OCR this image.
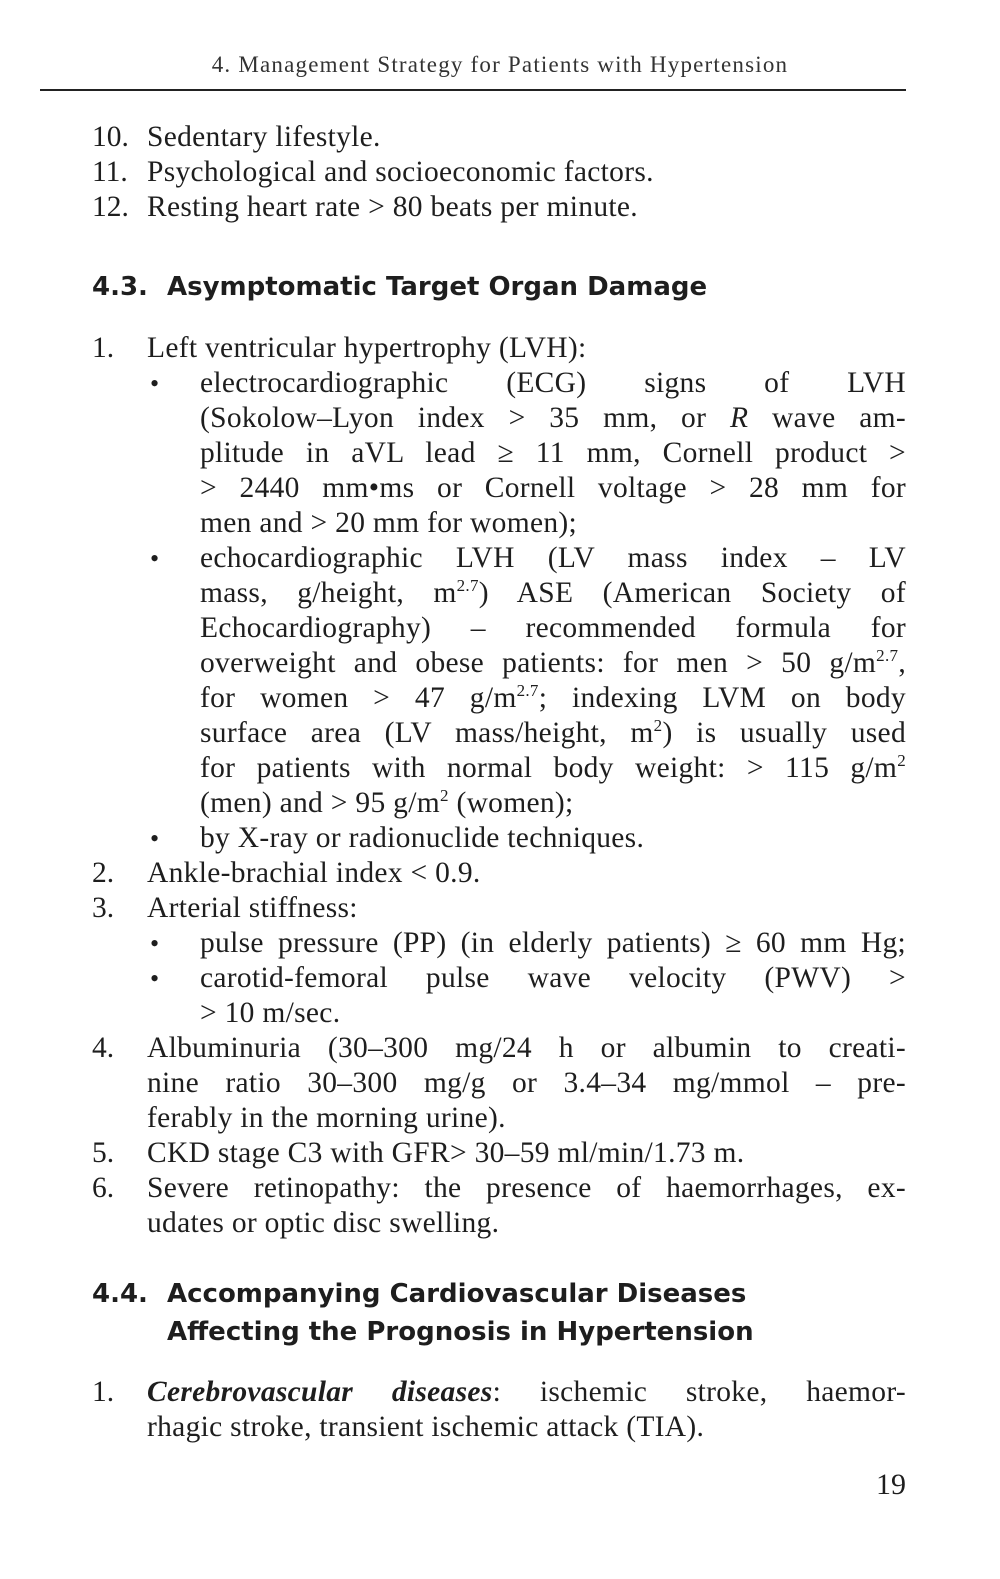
4. Management Strategy for Patients with Hypertension
10. Sedentary lifestyle.
11. Psychological and socioeconomic factors.
12. Resting heart rate > 80 beats per minute.
4.3. Asymptomatic Target Organ Damage
1. Left ventricular hypertrophy (LVH):
• electrocardiographic (ECG) signs of LVH
(Sokolow–Lyon index > 35 mm, or R wave am-
plitude in aVL lead ≥ 11 mm, Cornell product >
> 2440 mm•ms or Cornell voltage > 28 mm for
men and > 20 mm for women);
• echocardiographic LVH (LV mass index – LV
mass, g/height, $m^{2.7}$) ASE (American Society of
Echocardiography) – recommended formula for
overweight and obese patients: for men > 50 $g/m^{2.7}$,
for women > 47 $g/m^{2.7}$; indexing LVM on body
surface area (LV mass/height, $m^2$) is usually used
for patients with normal body weight: > 115 $g/m^2$
(men) and > 95 $g/m^2$ (women);
• by X-ray or radionuclide techniques.
2. Ankle-brachial index < 0.9.
3. Arterial stiffness:
• pulse pressure (PP) (in elderly patients) ≥ 60 mm Hg;
• carotid-femoral pulse wave velocity (PWV) >
> 10 m/sec.
4. Albuminuria (30–300 mg/24 h or albumin to creati-
nine ratio 30–300 mg/g or 3.4–34 mg/mmol – pre-
ferably in the morning urine).
5. CKD stage C3 with GFR> 30–59 ml/min/1.73 m.
6. Severe retinopathy: the presence of haemorrhages, ex-
udates or optic disc swelling.
4.4. Accompanying Cardiovascular Diseases
Affecting the Prognosis in Hypertension
1. Cerebrovascular diseases: ischemic stroke, haemor-
rhagic stroke, transient ischemic attack (TIA).
19
